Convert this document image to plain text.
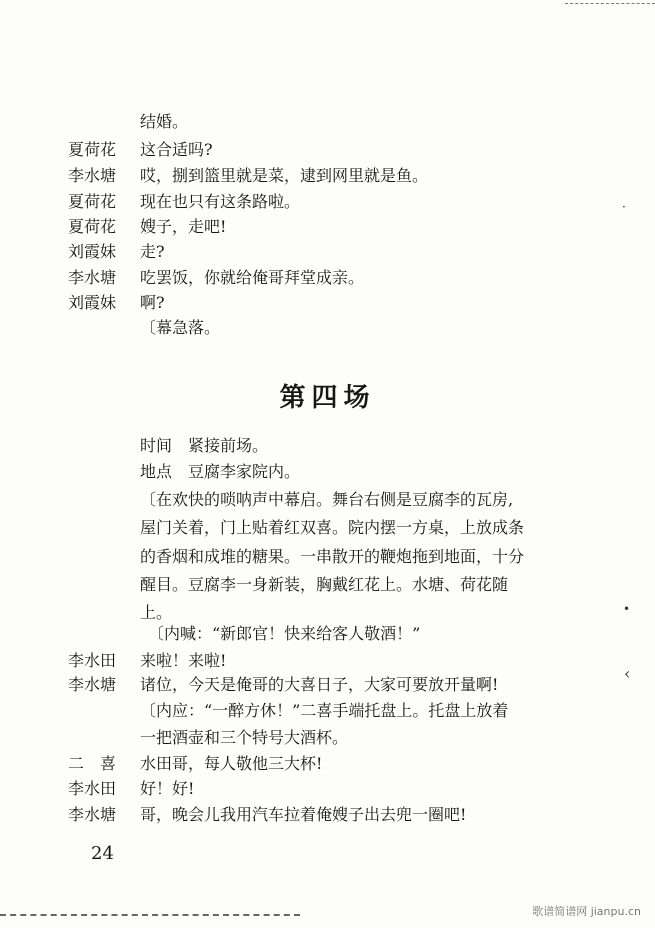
结婚。
夏荷花	这合适吗?
李水塘	哎，捌到篮里就是菜，逮到网里就是鱼。
夏荷花	现在也只有这条路啦。
夏荷花	嫂子，走吧!
刘霞妹	走?
李水塘	吃罢饭，你就给俺哥拜堂成亲。
刘霞妹	啊?
〔幕急落。
第四场
时间　紧接前场。
地点　豆腐李家院内。

〔在欢快的唢呐声中幕启。舞台右侧是豆腐李的瓦房,

屋门关着，门上贴着红双喜。院内摆一方桌，上放成条

的香烟和成堆的糖果。一串散开的鞭炮拖到地面，十分

醒目。豆腐李一身新装，胸戴红花上。水塘、荷花随

上。

〔内喊：“新郎官！快来给客人敬酒！”
李水田	来啦！来啦!
李水塘	诸位，今天是俺哥的大喜日子，大家可要放开量啊!
〔内应：“一醉方休！”二喜手端托盘上。托盘上放着
一把酒壶和三个特号大酒杯。
二　喜	水田哥，每人敬他三大杯!
李水田	好！好!
李水塘	哥，晚会儿我用汽车拉着俺嫂子出去兜一圈吧!
24
·
•
‹
歌谱简谱网 jianpu.cn
